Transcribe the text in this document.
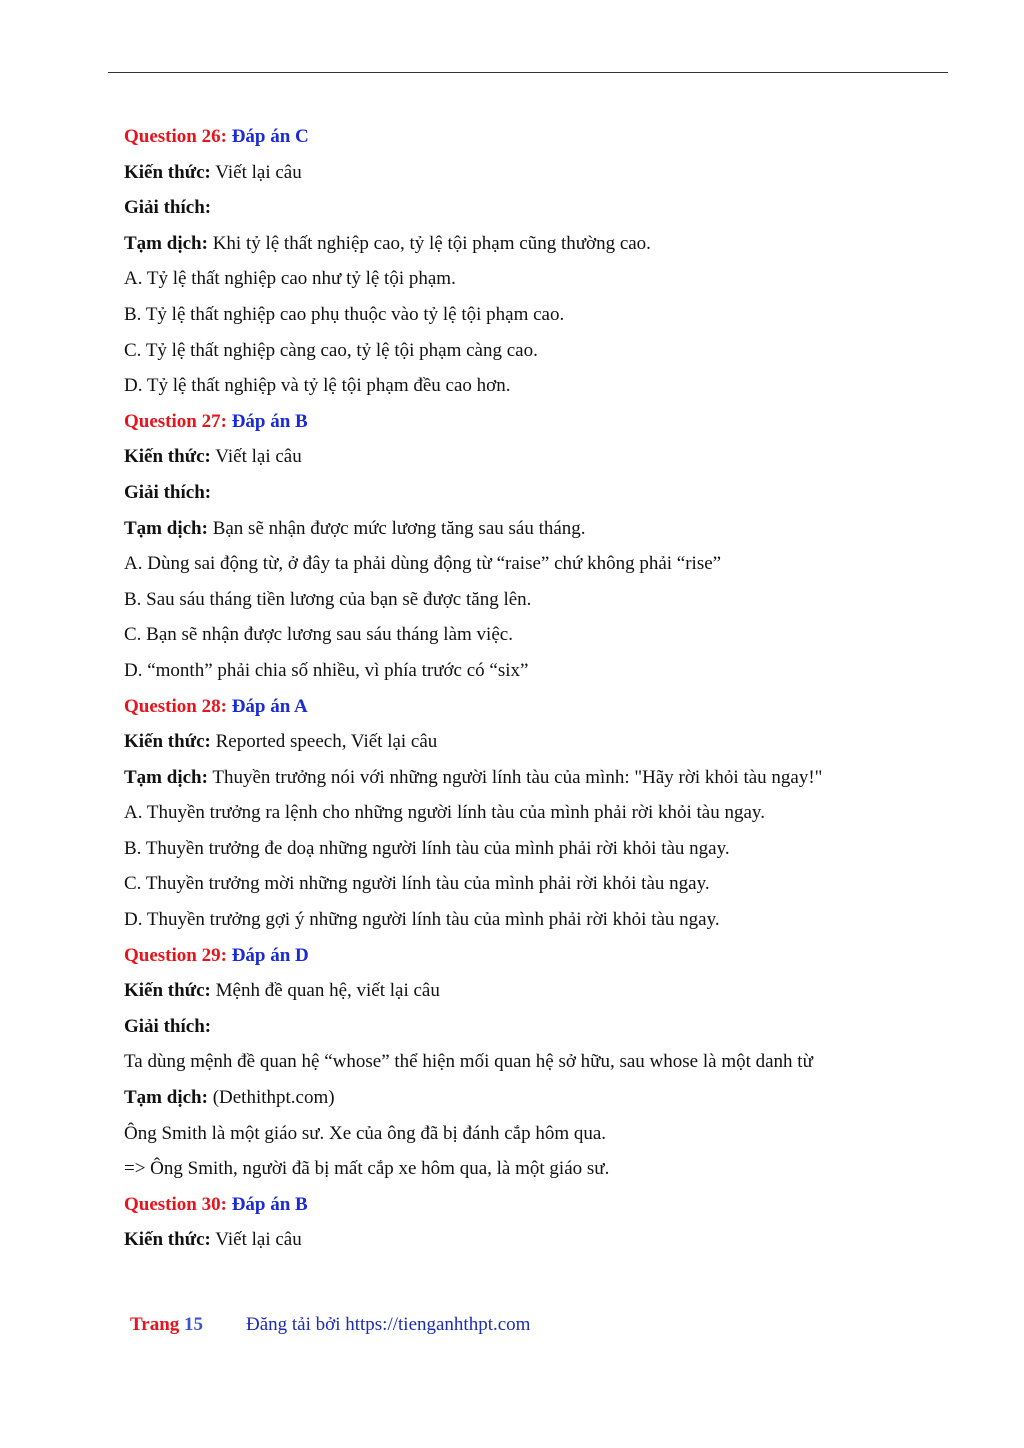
Question 26: Đáp án C
Kiến thức: Viết lại câu
Giải thích:
Tạm dịch: Khi tỷ lệ thất nghiệp cao, tỷ lệ tội phạm cũng thường cao.
A. Tỷ lệ thất nghiệp cao như tỷ lệ tội phạm.
B. Tỷ lệ thất nghiệp cao phụ thuộc vào tỷ lệ tội phạm cao.
C. Tỷ lệ thất nghiệp càng cao, tỷ lệ tội phạm càng cao.
D. Tỷ lệ thất nghiệp và tỷ lệ tội phạm đều cao hơn.
Question 27: Đáp án B
Kiến thức: Viết lại câu
Giải thích:
Tạm dịch: Bạn sẽ nhận được mức lương tăng sau sáu tháng.
A. Dùng sai động từ, ở đây ta phải dùng động từ “raise” chứ không phải “rise”
B. Sau sáu tháng tiền lương của bạn sẽ được tăng lên.
C. Bạn sẽ nhận được lương sau sáu tháng làm việc.
D. “month” phải chia số nhiều, vì phía trước có “six”
Question 28: Đáp án A
Kiến thức: Reported speech, Viết lại câu
Tạm dịch: Thuyền trưởng nói với những người lính tàu của mình: "Hãy rời khỏi tàu ngay!"
A. Thuyền trưởng ra lệnh cho những người lính tàu của mình phải rời khỏi tàu ngay.
B. Thuyền trưởng đe doạ những người lính tàu của mình phải rời khỏi tàu ngay.
C. Thuyền trưởng mời những người lính tàu của mình phải rời khỏi tàu ngay.
D. Thuyền trưởng gợi ý những người lính tàu của mình phải rời khỏi tàu ngay.
Question 29: Đáp án D
Kiến thức: Mệnh đề quan hệ, viết lại câu
Giải thích:
Ta dùng mệnh đề quan hệ “whose” thể hiện mối quan hệ sở hữu, sau whose là một danh từ
Tạm dịch: (Dethithpt.com)
Ông Smith là một giáo sư. Xe của ông đã bị đánh cắp hôm qua.
=> Ông Smith, người đã bị mất cắp xe hôm qua, là một giáo sư.
Question 30: Đáp án B
Kiến thức: Viết lại câu
Trang 15 Đăng tải bởi https://tienganhthpt.com
